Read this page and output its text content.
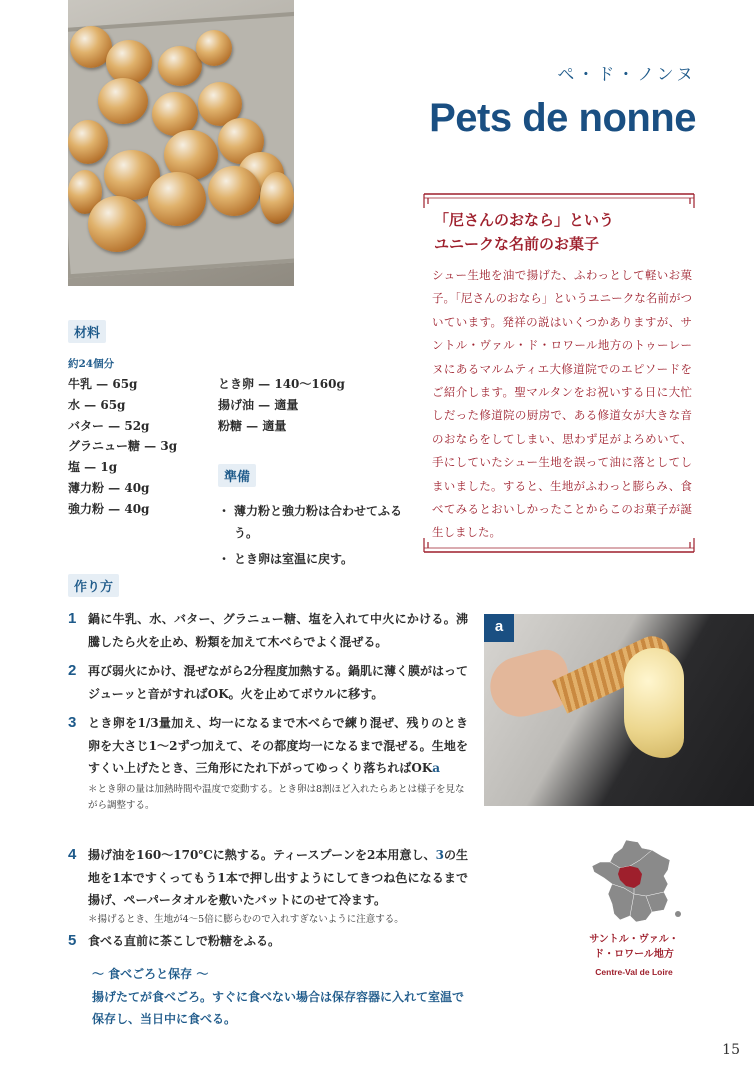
ペ・ド・ノンヌ
Pets de nonne
「尼さんのおなら」という
ユニークな名前のお菓子
シュー生地を油で揚げた、ふわっとして軽いお菓子。「尼さんのおなら」というユニークな名前がついています。発祥の説はいくつかありますが、サントル・ヴァル・ド・ロワール地方のトゥーレーヌにあるマルムティエ大修道院でのエピソードをご紹介します。聖マルタンをお祝いする日に大忙しだった修道院の厨房で、ある修道女が大きな音のおならをしてしまい、思わず足がよろめいて、手にしていたシュー生地を誤って油に落としてしまいました。すると、生地がふわっと膨らみ、食べてみるとおいしかったことからこのお菓子が誕生しました。
材料
約24個分
牛乳 — 65g
水 — 65g
バター — 52g
グラニュー糖 — 3g
塩 — 1g
薄力粉 — 40g
強力粉 — 40g
とき卵 — 140～160g
揚げ油 — 適量
粉糖 — 適量
準備
・ 薄力粉と強力粉は合わせてふるう。
・ とき卵は室温に戻す。
作り方
1 鍋に牛乳、水、バター、グラニュー糖、塩を入れて中火にかける。沸騰したら火を止め、粉類を加えて木べらでよく混ぜる。
2 再び弱火にかけ、混ぜながら2分程度加熱する。鍋肌に薄く膜がはってジューッと音がすればOK。火を止めてボウルに移す。
3 とき卵を1/3量加え、均一になるまで木べらで練り混ぜ、残りのとき卵を大さじ1～2ずつ加えて、その都度均一になるまで混ぜる。生地をすくい上げたとき、三角形にたれ下がってゆっくり落ちればOKa
＊とき卵の量は加熱時間や温度で変動する。とき卵は8割ほど入れたらあとは様子を見ながら調整する。
4 揚げ油を160～170℃に熱する。ティースプーンを2本用意し、3の生地を1本ですくってもう1本で押し出すようにしてきつね色になるまで揚げ、ペーパータオルを敷いたバットにのせて冷ます。
＊揚げるとき、生地が4～5倍に膨らむので入れすぎないように注意する。
5 食べる直前に茶こしで粉糖をふる。
～ 食べごろと保存 ～
揚げたてが食べごろ。すぐに食べない場合は保存容器に入れて室温で保存し、当日中に食べる。
a
サントル・ヴァル・
ド・ロワール地方
Centre-Val de Loire
15
